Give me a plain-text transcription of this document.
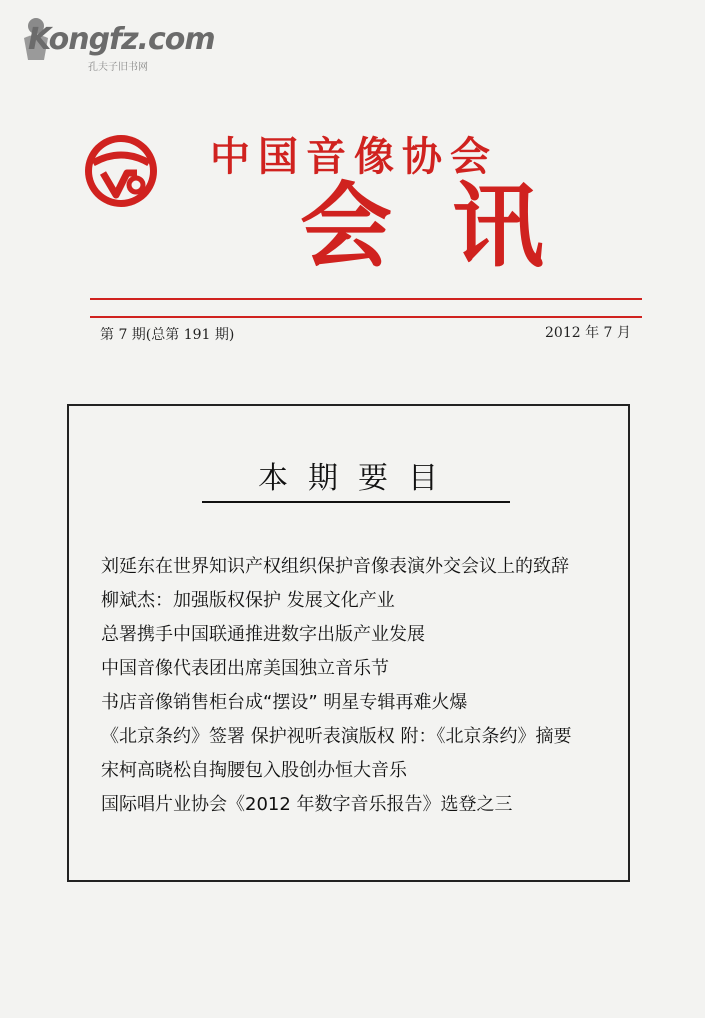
Kongfz.com
孔夫子旧书网
中国音像协会
会讯
第 7 期(总第 191 期)	2012 年 7 月
本期要目
刘延东在世界知识产权组织保护音像表演外交会议上的致辞
柳斌杰：加强版权保护 发展文化产业
总署携手中国联通推进数字出版产业发展
中国音像代表团出席美国独立音乐节
书店音像销售柜台成“摆设” 明星专辑再难火爆
《北京条约》签署 保护视听表演版权 附：《北京条约》摘要
宋柯高晓松自掏腰包入股创办恒大音乐
国际唱片业协会《2012 年数字音乐报告》选登之三
